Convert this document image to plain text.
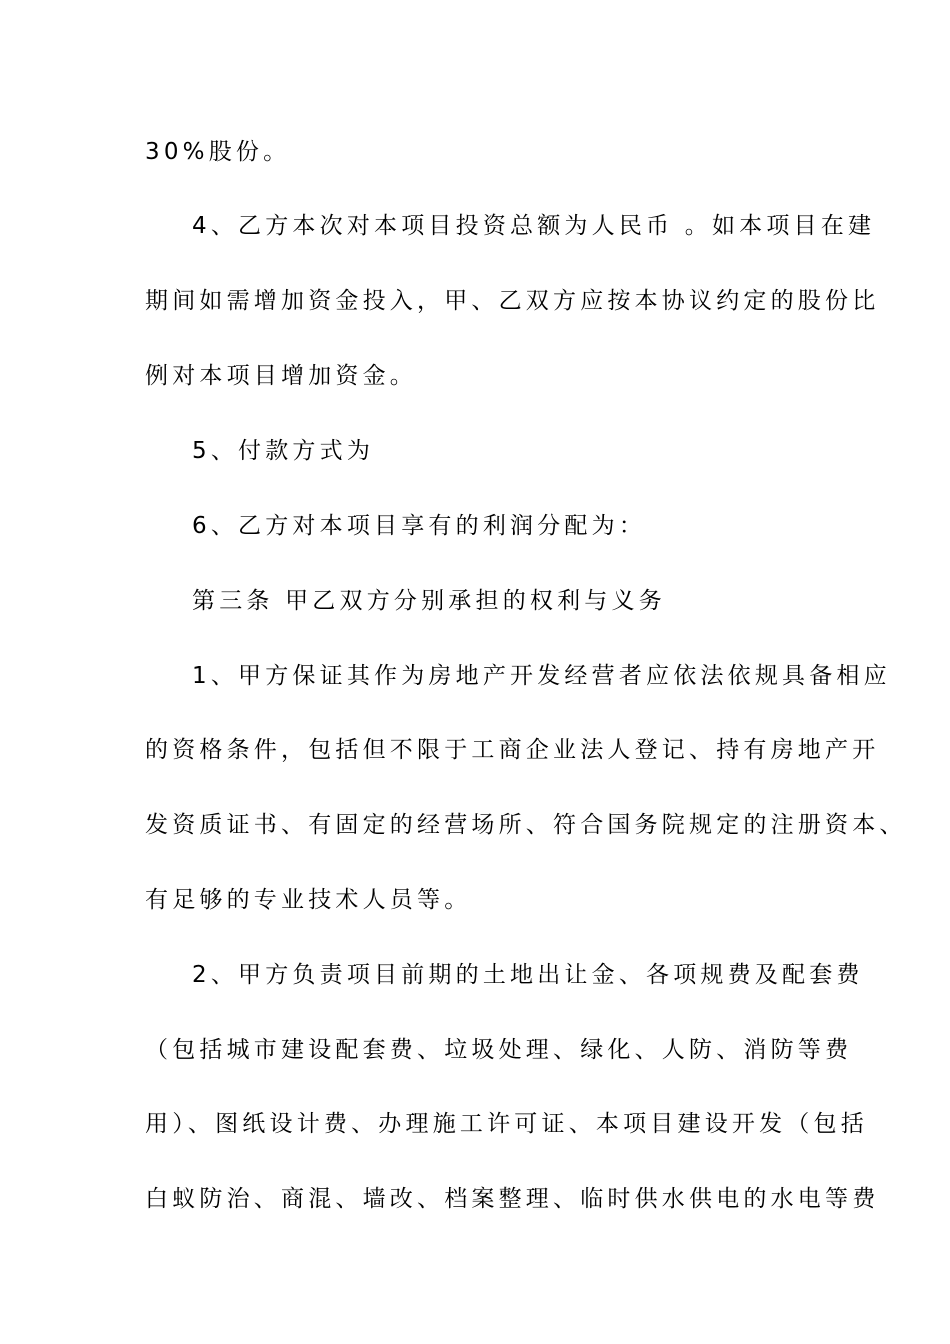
30%股份。
4、乙方本次对本项目投资总额为人民币 。如本项目在建
期间如需增加资金投入，甲、乙双方应按本协议约定的股份比
例对本项目增加资金。
5、付款方式为
6、乙方对本项目享有的利润分配为：
第三条 甲乙双方分别承担的权利与义务
1、甲方保证其作为房地产开发经营者应依法依规具备相应
的资格条件，包括但不限于工商企业法人登记、持有房地产开
发资质证书、有固定的经营场所、符合国务院规定的注册资本、
有足够的专业技术人员等。
2、甲方负责项目前期的土地出让金、各项规费及配套费
（包括城市建设配套费、垃圾处理、绿化、人防、消防等费
用）、图纸设计费、办理施工许可证、本项目建设开发（包括
白蚁防治、商混、墙改、档案整理、临时供水供电的水电等费
